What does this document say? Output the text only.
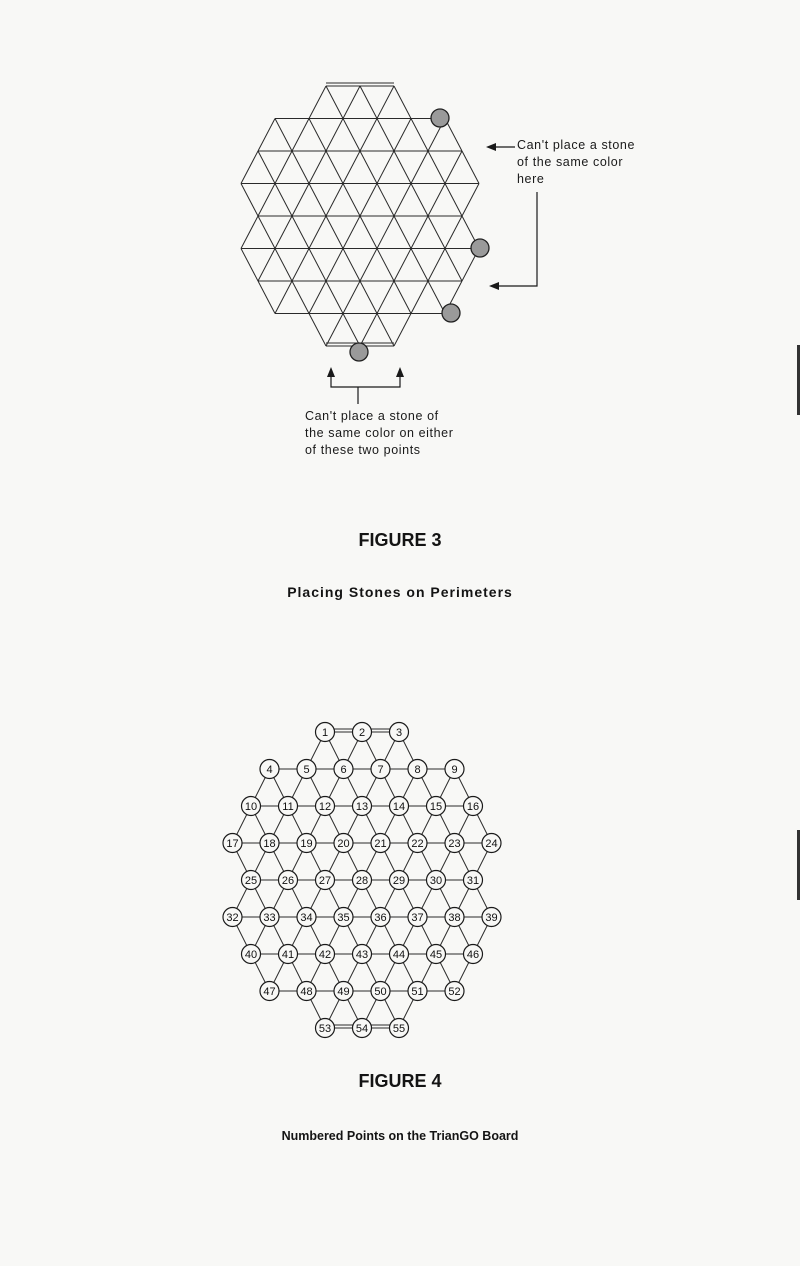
Can't place a stone
of the same color
here
Can't place a stone of
the same color on either
of these two points
FIGURE 3
Placing Stones on Perimeters
1	2	3
4	5	6	7	8	9
10 11 12 13 14 15 16
17 18 19 20 21 22 23 24
25 26 27 28 29 30 31
32 33 34 35 36 37 38 39
40 41 42 43 44 45 46
47 48 49 50 51 52
53 54 55
FIGURE 4
Numbered Points on the TrianGO Board
